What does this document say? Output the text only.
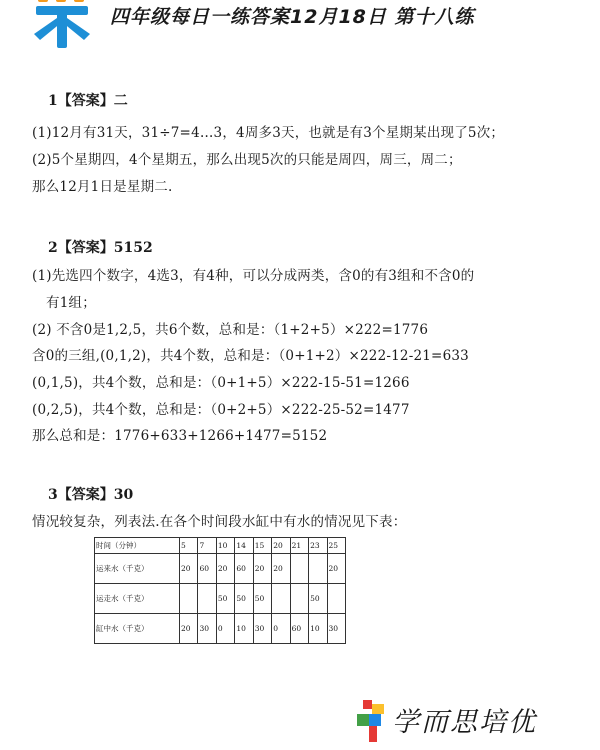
四年级每日一练答案12月18日 第十八练
1【答案】二
(1)12月有31天，31÷7=4…3，4周多3天，也就是有3个星期某出现了5次；
(2)5个星期四，4个星期五，那么出现5次的只能是周四，周三，周二；
那么12月1日是星期二.
2【答案】5152
(1)先选四个数字，4选3，有4种，可以分成两类，含0的有3组和不含0的
有1组；
(2) 不含0是1,2,5，共6个数，总和是：（1+2+5）×222=1776
含0的三组,(0,1,2)，共4个数，总和是：（0+1+2）×222-12-21=633
(0,1,5)，共4个数，总和是：（0+1+5）×222-15-51=1266
(0,2,5)，共4个数，总和是：（0+2+5）×222-25-52=1477
那么总和是：1776+633+1266+1477=5152
3【答案】30
情况较复杂，列表法.在各个时间段水缸中有水的情况见下表：
时间（分钟）	5	7	10	14	15	20	21	23	25
运来水（千克）	20	60	20	60	20	20			20
运走水（千克）			50	50	50			50	
缸中水（千克）	20	30	0	10	30	0	60	10	30
学而思培优
